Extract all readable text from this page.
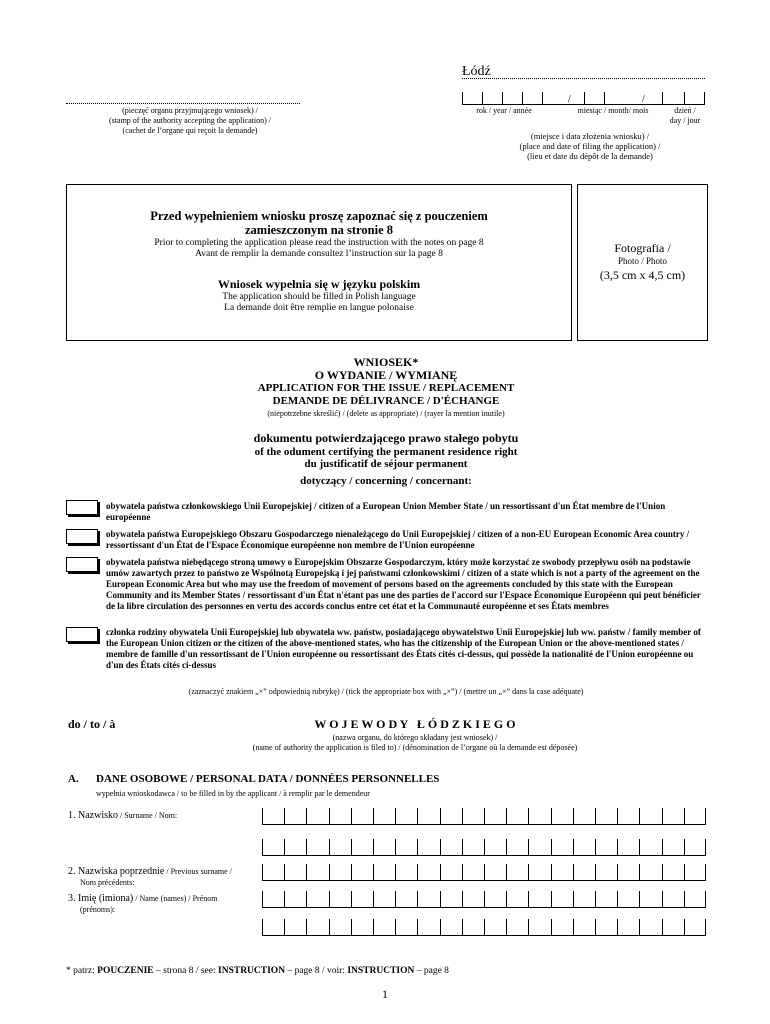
Łódź
/	/
rok / year / année	miesiąc / month/ mois	dzień /
day / jour
(pieczęć organu przyjmującego wniosek) /
(stamp of the authority accepting the application) /
(cachet de l’organe qui reçoit la demande)
(miejsce i data złożenia wniosku) /
(place and date of filing the application) /
(lieu et date du dépôt de la demande)
Przed wypełnieniem wniosku proszę zapoznać się z pouczeniem
zamieszczonym na stronie 8
Prior to completing the application please read the instruction with the notes on page 8
Avant de remplir la demande consultez l’instruction sur la page 8
Wniosek wypełnia się w języku polskim
The application should be filled in Polish language
La demande doit être remplie en langue polonaise
Fotografia /
Photo / Photo
(3,5 cm x 4,5 cm)
WNIOSEK*
O WYDANIE / WYMIANĘ
APPLICATION FOR THE ISSUE / REPLACEMENT
DEMANDE DE DÉLIVRANCE / D'ÉCHANGE
(niepotrzebne skreślić) / (delete as appropriate) / (rayer la mention inutile)
dokumentu potwierdzającego prawo stałego pobytu
of the odument certifying the permanent residence right
du justificatif de séjour permanent
dotyczący / concerning / concernant:
obywatela państwa członkowskiego Unii Europejskiej / citizen of a European Union Member State / un ressortissant d'un État membre de l'Union européenne
obywatela państwa Europejskiego Obszaru Gospodarczego nienależącego do Unii Europejskiej / citizen of a non-EU European Economic Area country / ressortissant d'un État de l'Espace Économique européenne non membre de l'Union européenne
obywatela państwa niebędącego stroną umowy o Europejskim Obszarze Gospodarczym, który może korzystać ze swobody przepływu osób na podstawie umów zawartych przez to państwo ze Wspólnotą Europejską i jej państwami członkowskimi / citizen of a state which is not a party of the agreement on the European Economic Area but who may use the freedom of movement of persons based on the agreements concluded by this state with the European Community and its Member States / ressortissant d'un État n'étant pas une des parties de l'accord sur l'Espace Économique Européenn qui peut bénéficier de la libre circulation des personnes en vertu des accords conclus entre cet état et la Communauté européenne et ses États membres
członka rodziny obywatela Unii Europejskiej lub obywatela ww. państw, posiadającego obywatelstwo Unii Europejskiej lub ww. państw / family member of the European Union citizen or the citizen of the above-mentioned states, who has the citizenship of the European Union or the above-mentioned states / membre de famille d'un ressortissant de l'Union européenne ou ressortissant des États cités ci-dessus, qui possède la nationalité de l'Union européenne ou d'un des États cités ci-dessus
(zaznaczyć znakiem „×” odpowiednią rubrykę) / (tick the appropriate box with „×”) / (mettre un „×” dans la case adéquate)
do / to / à	W O J E W O D Y   Ł Ó D Z K I E G O
(nazwa organu, do którego składany jest wniosek) /
(name of authority the application is filed to) / (dénomination de l’organe où la demande est déposée)
A. DANE OSOBOWE / PERSONAL DATA / DONNÉES PERSONNELLES
wypełnia wnioskodawca / to be filled in by the applicant / à remplir par le demendeur
1. Nazwisko / Surname / Nom:
2. Nazwiska poprzednie / Previous surname /
Nom précédents:
3. Imię (imiona) / Name (names) / Prénom
(prénoms):
* patrz: POUCZENIE – strona 8 / see: INSTRUCTION – page 8 / voir: INSTRUCTION – page 8
1
